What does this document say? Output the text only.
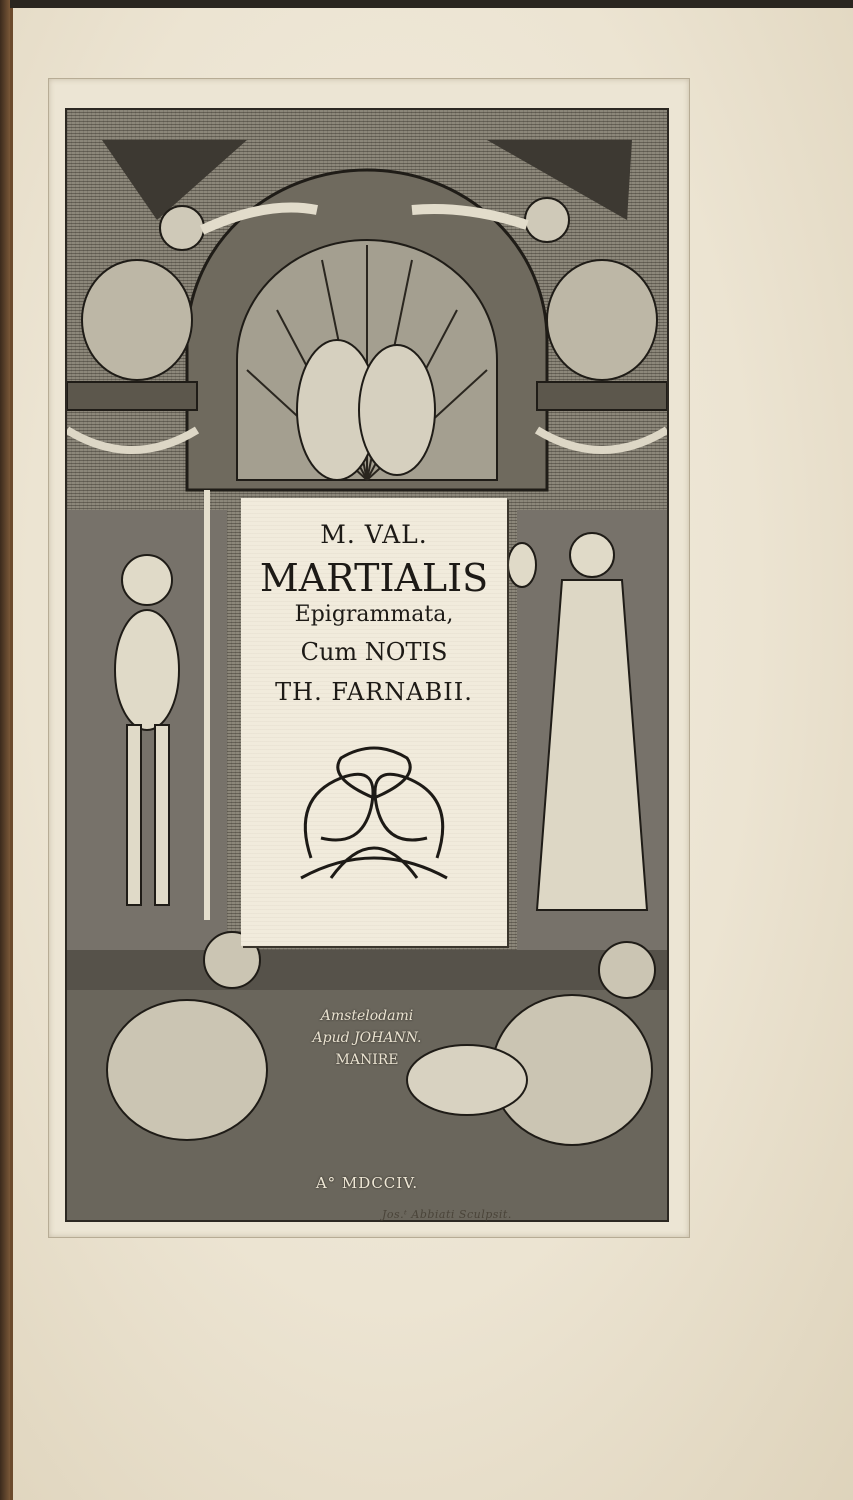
M. VAL.
MARTIALIS
Epigrammata,
Cum NOTIS
TH. FARNABII.
Amstelodami
Apud JOHANN.
MANIRE
A° MDCCIV.
Jos.ᵗ Abbiati Sculpsit.
